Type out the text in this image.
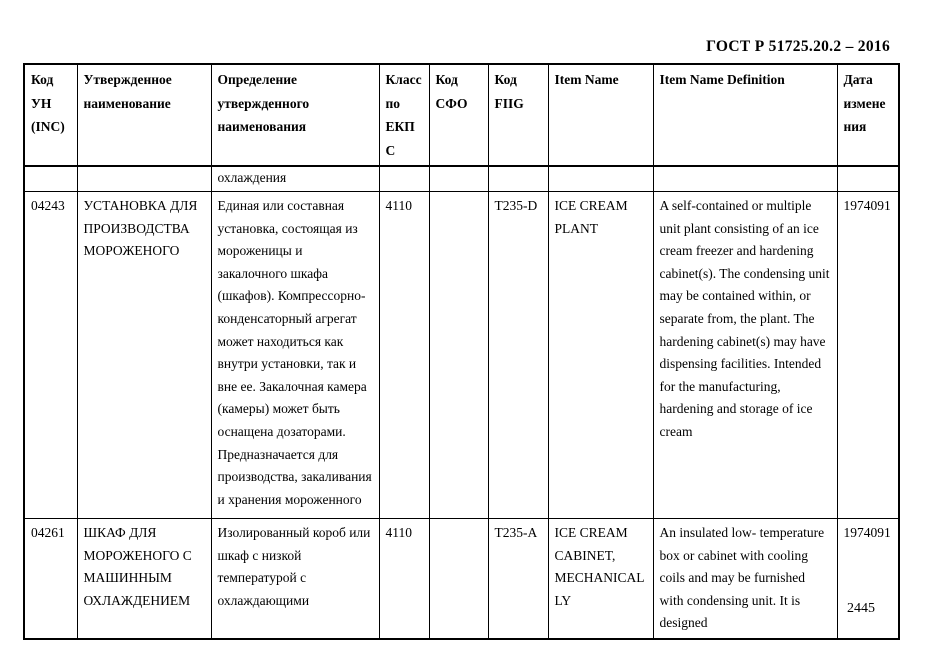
ГОСТ Р 51725.20.2 – 2016
Код УН (INC)	Утвержденное наименование	Определение утвержденного наименования	Класс по ЕКПС	Код СФО	Код FIIG	Item Name	Item Name Definition	Дата изменения
		охлаждения						
04243	УСТАНОВКА ДЛЯ ПРОИЗВОДСТВА МОРОЖЕНОГО	Единая или составная установка, состоящая из мороженицы и закалочного шкафа (шкафов). Компрессорно-конденсаторный агрегат может находиться как внутри установки, так и вне ее. Закалочная камера (камеры) может быть оснащена дозаторами. Предназначается для производства, закаливания и хранения мороженного	4110		T235-D	ICE CREAM PLANT	A self-contained or multiple unit plant consisting of an ice cream freezer and hardening cabinet(s). The condensing unit may be contained within, or separate from, the plant. The hardening cabinet(s) may have dispensing facilities. Intended for the manufacturing, hardening and storage of ice cream	1974091
04261	ШКАФ ДЛЯ МОРОЖЕНОГО С МАШИННЫМ ОХЛАЖДЕНИЕМ	Изолированный короб или шкаф с низкой температурой с охлаждающими	4110		T235-A	ICE CREAM CABINET, MECHANICALLY	An insulated low- temperature box or cabinet with cooling coils and may be furnished with condensing unit. It is designed	1974091
2445
